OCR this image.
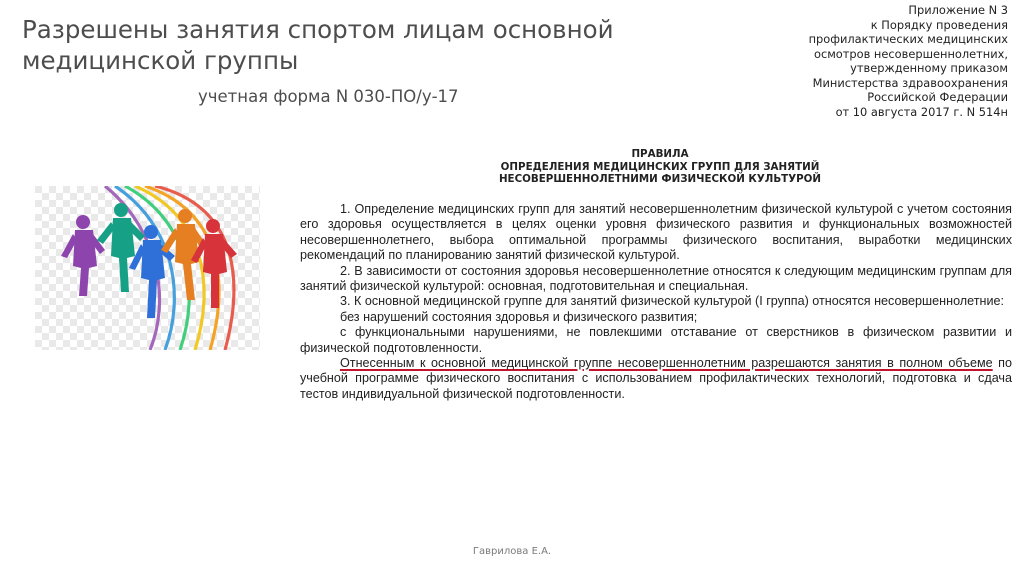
Разрешены занятия спортом лицам основной медицинской группы
учетная форма N 030-ПО/у-17
Приложение N 3
к Порядку проведения
профилактических медицинских
осмотров несовершеннолетних,
утвержденному приказом
Министерства здравоохранения
Российской Федерации
от 10 августа 2017 г. N 514н
ПРАВИЛА
ОПРЕДЕЛЕНИЯ МЕДИЦИНСКИХ ГРУПП ДЛЯ ЗАНЯТИЙ
НЕСОВЕРШЕННОЛЕТНИМИ ФИЗИЧЕСКОЙ КУЛЬТУРОЙ

1. Определение медицинских групп для занятий несовершеннолетним физической культурой с учетом состояния его здоровья осуществляется в целях оценки уровня физического развития и функциональных возможностей несовершеннолетнего, выбора оптимальной программы физического воспитания, выработки медицинских рекомендаций по планированию занятий физической культурой.

2. В зависимости от состояния здоровья несовершеннолетние относятся к следующим медицинским группам для занятий физической культурой: основная, подготовительная и специальная.

3. К основной медицинской группе для занятий физической культурой (I группа) относятся несовершеннолетние:

без нарушений состояния здоровья и физического развития;

с функциональными нарушениями, не повлекшими отставание от сверстников в физическом развитии и физической подготовленности.

Отнесенным к основной медицинской группе несовершеннолетним разрешаются занятия в полном объеме по учебной программе физического воспитания с использованием профилактических технологий, подготовка и сдача тестов индивидуальной физической подготовленности.

Гаврилова Е.А.
